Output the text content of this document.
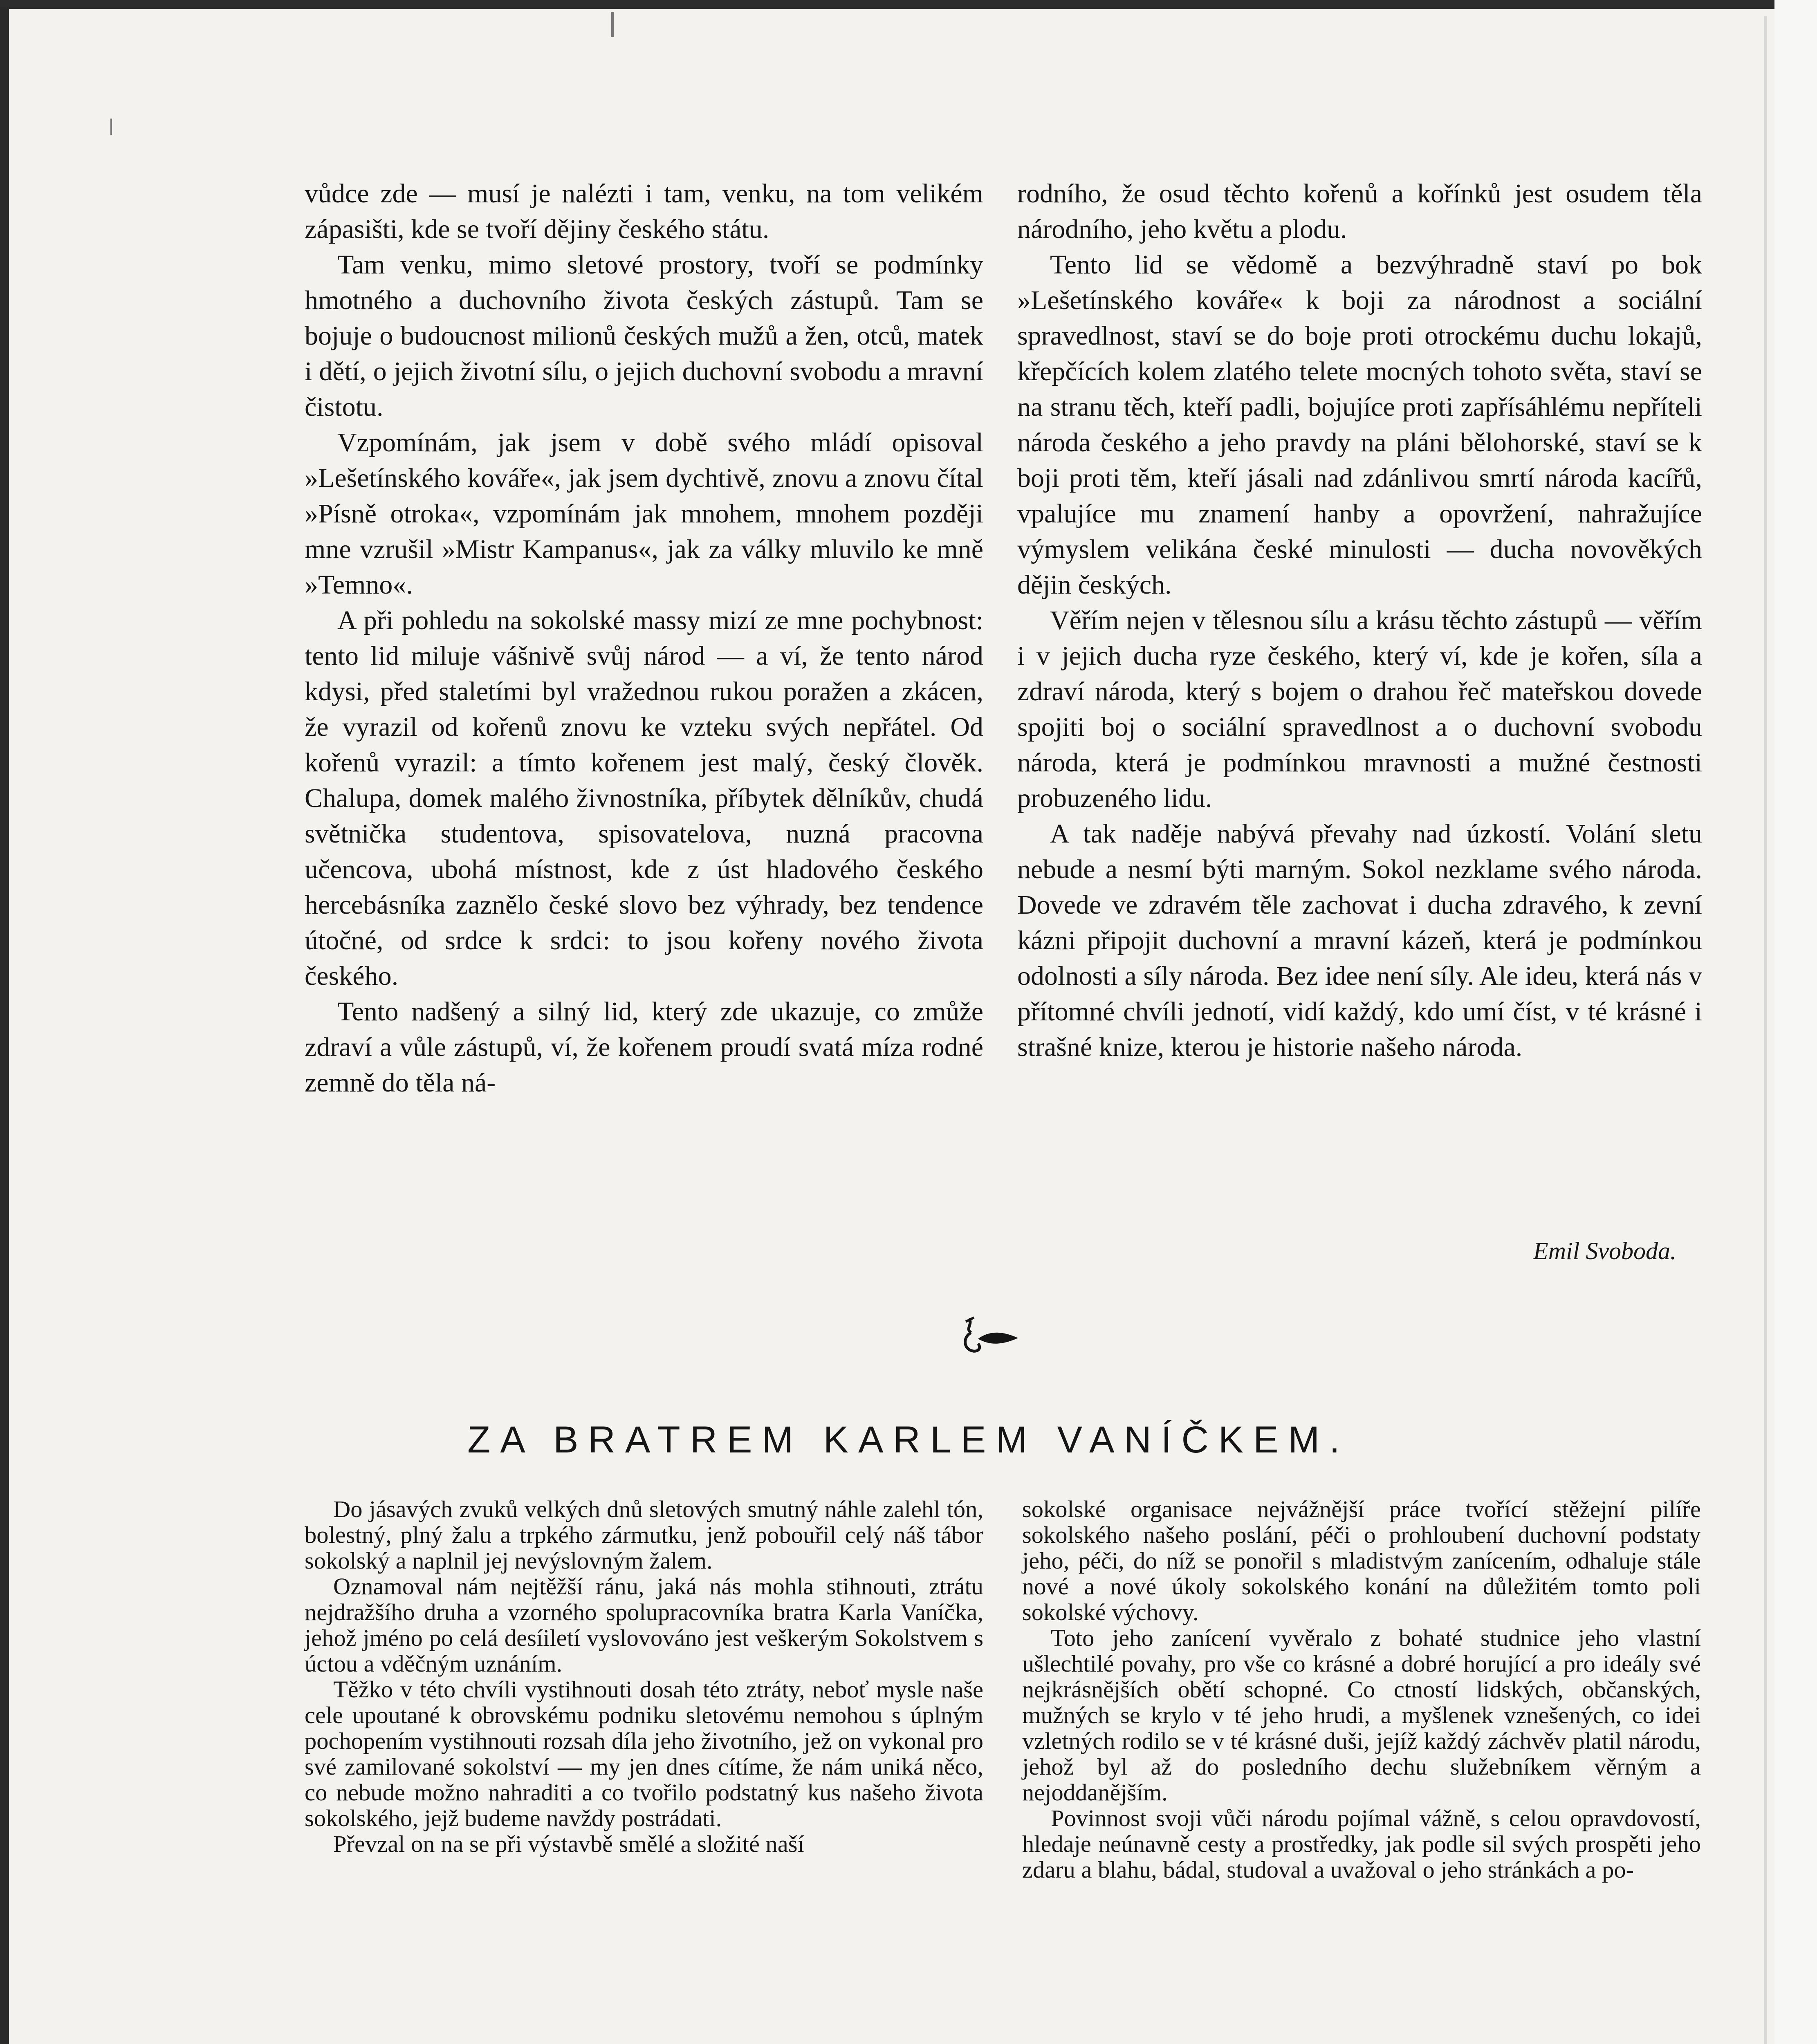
vůdce zde — musí je nalézti i tam, venku, na tom velikém zápasišti, kde se tvoří dějiny českého státu.

Tam venku, mimo sletové prostory, tvoří se podmínky hmotného a duchovního života českých zástupů. Tam se bojuje o budoucnost milionů českých mužů a žen, otců, matek i dětí, o jejich životní sílu, o jejich duchovní svobodu a mravní čistotu.

Vzpomínám, jak jsem v době svého mládí opisoval »Lešetínského kováře«, jak jsem dychtivě, znovu a znovu čítal »Písně otroka«, vzpomínám jak mnohem, mnohem později mne vzrušil »Mistr Kampanus«, jak za války mluvilo ke mně »Temno«.

A při pohledu na sokolské massy mizí ze mne pochybnost: tento lid miluje vášnivě svůj národ — a ví, že tento národ kdysi, před staletími byl vražednou rukou poražen a zkácen, že vyrazil od kořenů znovu ke vzteku svých nepřátel. Od kořenů vyrazil: a tímto kořenem jest malý, český člověk. Chalupa, domek malého živnostníka, příbytek dělníkův, chudá světnička studentova, spisovatelova, nuzná pracovna učencova, ubohá místnost, kde z úst hladového českého hercebásníka zaznělo české slovo bez výhrady, bez tendence útočné, od srdce k srdci: to jsou kořeny nového života českého.

Tento nadšený a silný lid, který zde ukazuje, co zmůže zdraví a vůle zástupů, ví, že kořenem proudí svatá míza rodné zemně do těla ná-

rodního, že osud těchto kořenů a kořínků jest osudem těla národního, jeho květu a plodu.

Tento lid se vědomě a bezvýhradně staví po bok »Lešetínského kováře« k boji za národnost a sociální spravedlnost, staví se do boje proti otrockému duchu lokajů, křepčících kolem zlatého telete mocných tohoto světa, staví se na stranu těch, kteří padli, bojujíce proti zapřísáhlému nepříteli národa českého a jeho pravdy na pláni bělohorské, staví se k boji proti těm, kteří jásali nad zdánlivou smrtí národa kacířů, vpalujíce mu znamení hanby a opovržení, nahražujíce výmyslem velikána české minulosti — ducha novověkých dějin českých.

Věřím nejen v tělesnou sílu a krásu těchto zástupů — věřím i v jejich ducha ryze českého, který ví, kde je kořen, síla a zdraví národa, který s bojem o drahou řeč mateřskou dovede spojiti boj o sociální spravedlnost a o duchovní svobodu národa, která je podmínkou mravnosti a mužné čestnosti probuzeného lidu.

A tak naděje nabývá převahy nad úzkostí. Volání sletu nebude a nesmí býti marným. Sokol nezklame svého národa. Dovede ve zdravém těle zachovat i ducha zdravého, k zevní kázni připojit duchovní a mravní kázeň, která je podmínkou odolnosti a síly národa. Bez idee není síly. Ale ideu, která nás v přítomné chvíli jednotí, vidí každý, kdo umí číst, v té krásné i strašné knize, kterou je historie našeho národa.

Emil Svoboda.
ZA BRATREM KARLEM VANÍČKEM.

Do jásavých zvuků velkých dnů sletových smutný náhle zalehl tón, bolestný, plný žalu a trpkého zármutku, jenž pobouřil celý náš tábor sokolský a naplnil jej nevýslovným žalem.

Oznamoval nám nejtěžší ránu, jaká nás mohla stihnouti, ztrátu nejdražšího druha a vzorného spolupracovníka bratra Karla Vaníčka, jehož jméno po celá desíiletí vyslovováno jest veškerým Sokolstvem s úctou a vděčným uznáním.

Těžko v této chvíli vystihnouti dosah této ztráty, neboť mysle naše cele upoutané k obrovskému podniku sletovému nemohou s úplným pochopením vystihnouti rozsah díla jeho životního, jež on vykonal pro své zamilované sokolství — my jen dnes cítíme, že nám uniká něco, co nebude možno nahraditi a co tvořilo podstatný kus našeho života sokolského, jejž budeme navždy postrádati.

Převzal on na se při výstavbě smělé a složité naší

sokolské organisace nejvážnější práce tvořící stěžejní pilíře sokolského našeho poslání, péči o prohloubení duchovní podstaty jeho, péči, do níž se ponořil s mladistvým zanícením, odhaluje stále nové a nové úkoly sokolského konání na důležitém tomto poli sokolské výchovy.

Toto jeho zanícení vyvěralo z bohaté studnice jeho vlastní ušlechtilé povahy, pro vše co krásné a dobré horující a pro ideály své nejkrásnějších obětí schopné. Co ctností lidských, občanských, mužných se krylo v té jeho hrudi, a myšlenek vznešených, co idei vzletných rodilo se v té krásné duši, jejíž každý záchvěv platil národu, jehož byl až do posledního dechu služebníkem věrným a nejoddanějším.

Povinnost svoji vůči národu pojímal vážně, s celou opravdovostí, hledaje neúnavně cesty a prostředky, jak podle sil svých prospěti jeho zdaru a blahu, bádal, studoval a uvažoval o jeho stránkách a po-
